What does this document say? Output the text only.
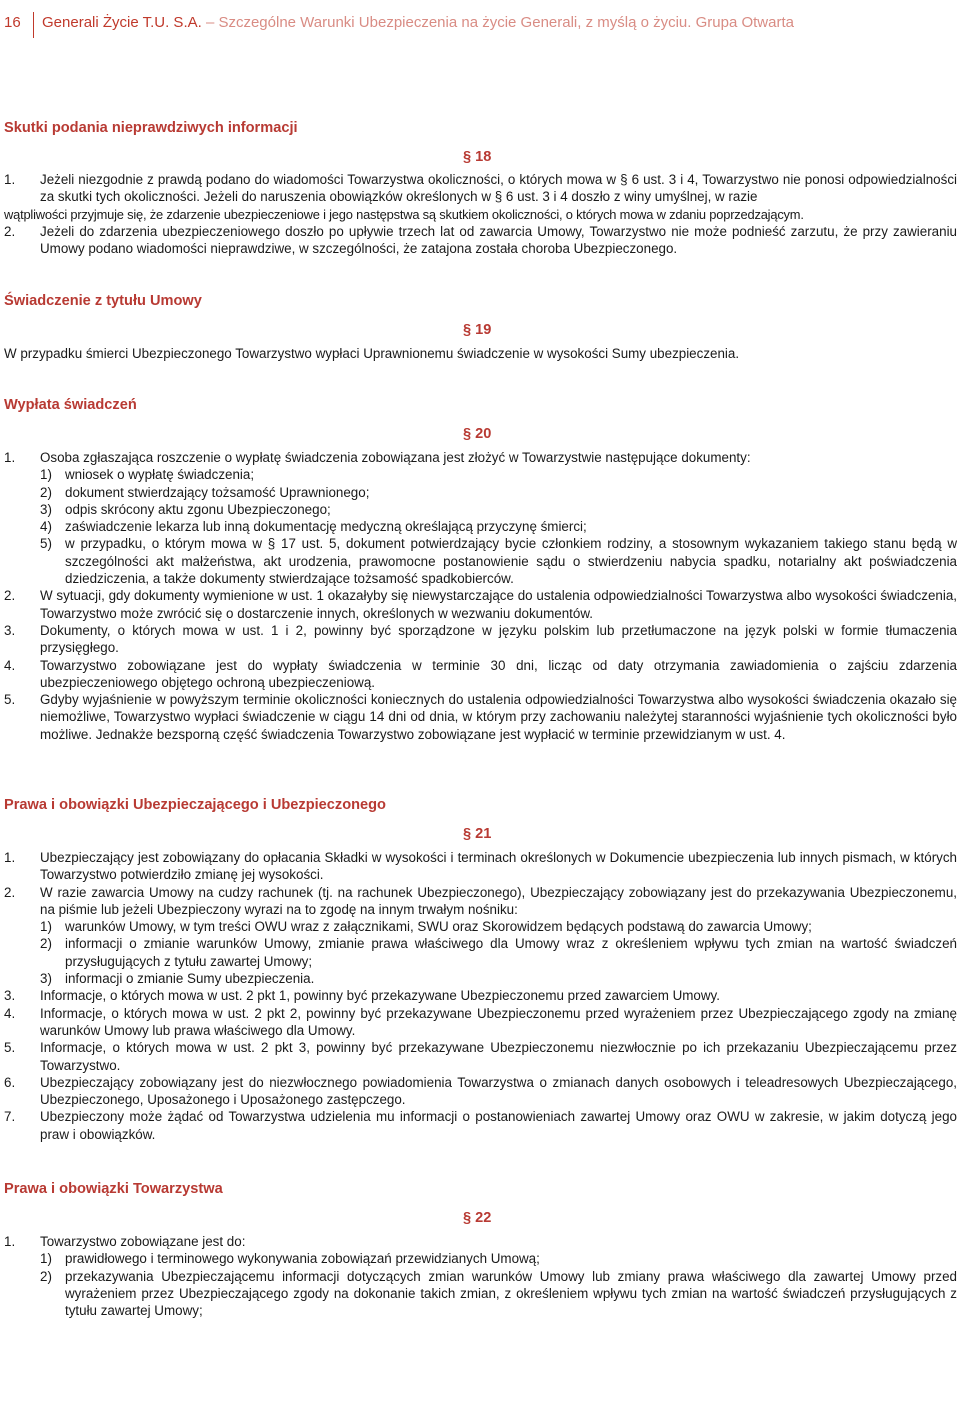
16 Generali Życie T.U. S.A. – Szczególne Warunki Ubezpieczenia na życie Generali, z myślą o życiu. Grupa Otwarta
Skutki podania nieprawdziwych informacji
§ 18
1. Jeżeli niezgodnie z prawdą podano do wiadomości Towarzystwa okoliczności, o których mowa w § 6 ust. 3 i 4, Towarzystwo nie ponosi odpowiedzialności za skutki tych okoliczności. Jeżeli do naruszenia obowiązków określonych w § 6 ust. 3 i 4 doszło z winy umyślnej, w razie
wątpliwości przyjmuje się, że zdarzenie ubezpieczeniowe i jego następstwa są skutkiem okoliczności, o których mowa w zdaniu poprzedzającym.
2. Jeżeli do zdarzenia ubezpieczeniowego doszło po upływie trzech lat od zawarcia Umowy, Towarzystwo nie może podnieść zarzutu, że przy zawieraniu Umowy podano wiadomości nieprawdziwe, w szczególności, że zatajona została choroba Ubezpieczonego.
Świadczenie z tytułu Umowy
§ 19
W przypadku śmierci Ubezpieczonego Towarzystwo wypłaci Uprawnionemu świadczenie w wysokości Sumy ubezpieczenia.
Wypłata świadczeń
§ 20
1. Osoba zgłaszająca roszczenie o wypłatę świadczenia zobowiązana jest złożyć w Towarzystwie następujące dokumenty:
1) wniosek o wypłatę świadczenia;
2) dokument stwierdzający tożsamość Uprawnionego;
3) odpis skrócony aktu zgonu Ubezpieczonego;
4) zaświadczenie lekarza lub inną dokumentację medyczną określającą przyczynę śmierci;
5) w przypadku, o którym mowa w § 17 ust. 5, dokument potwierdzający bycie członkiem rodziny, a stosownym wykazaniem takiego stanu będą w szczególności akt małżeństwa, akt urodzenia, prawomocne postanowienie sądu o stwierdzeniu nabycia spadku, notarialny akt poświadczenia dziedziczenia, a także dokumenty stwierdzające tożsamość spadkobierców.
2. W sytuacji, gdy dokumenty wymienione w ust. 1 okazałyby się niewystarczające do ustalenia odpowiedzialności Towarzystwa albo wysokości świadczenia, Towarzystwo może zwrócić się o dostarczenie innych, określonych w wezwaniu dokumentów.
3. Dokumenty, o których mowa w ust. 1 i 2, powinny być sporządzone w języku polskim lub przetłumaczone na język polski w formie tłumaczenia przysięgłego.
4. Towarzystwo zobowiązane jest do wypłaty świadczenia w terminie 30 dni, licząc od daty otrzymania zawiadomienia o zajściu zdarzenia ubezpieczeniowego objętego ochroną ubezpieczeniową.
5. Gdyby wyjaśnienie w powyższym terminie okoliczności koniecznych do ustalenia odpowiedzialności Towarzystwa albo wysokości świadczenia okazało się niemożliwe, Towarzystwo wypłaci świadczenie w ciągu 14 dni od dnia, w którym przy zachowaniu należytej staranności wyjaśnienie tych okoliczności było możliwe. Jednakże bezsporną część świadczenia Towarzystwo zobowiązane jest wypłacić w terminie przewidzianym w ust. 4.
Prawa i obowiązki Ubezpieczającego i Ubezpieczonego
§ 21
1. Ubezpieczający jest zobowiązany do opłacania Składki w wysokości i terminach określonych w Dokumencie ubezpieczenia lub innych pismach, w których Towarzystwo potwierdziło zmianę jej wysokości.
2. W razie zawarcia Umowy na cudzy rachunek (tj. na rachunek Ubezpieczonego), Ubezpieczający zobowiązany jest do przekazywania Ubezpieczonemu, na piśmie lub jeżeli Ubezpieczony wyrazi na to zgodę na innym trwałym nośniku:
1) warunków Umowy, w tym treści OWU wraz z załącznikami, SWU oraz Skorowidzem będących podstawą do zawarcia Umowy;
2) informacji o zmianie warunków Umowy, zmianie prawa właściwego dla Umowy wraz z określeniem wpływu tych zmian na wartość świadczeń przysługujących z tytułu zawartej Umowy;
3) informacji o zmianie Sumy ubezpieczenia.
3. Informacje, o których mowa w ust. 2 pkt 1, powinny być przekazywane Ubezpieczonemu przed zawarciem Umowy.
4. Informacje, o których mowa w ust. 2 pkt 2, powinny być przekazywane Ubezpieczonemu przed wyrażeniem przez Ubezpieczającego zgody na zmianę warunków Umowy lub prawa właściwego dla Umowy.
5. Informacje, o których mowa w ust. 2 pkt 3, powinny być przekazywane Ubezpieczonemu niezwłocznie po ich przekazaniu Ubezpieczającemu przez Towarzystwo.
6. Ubezpieczający zobowiązany jest do niezwłocznego powiadomienia Towarzystwa o zmianach danych osobowych i teleadresowych Ubezpieczającego, Ubezpieczonego, Uposażonego i Uposażonego zastępczego.
7. Ubezpieczony może żądać od Towarzystwa udzielenia mu informacji o postanowieniach zawartej Umowy oraz OWU w zakresie, w jakim dotyczą jego praw i obowiązków.
Prawa i obowiązki Towarzystwa
§ 22
1. Towarzystwo zobowiązane jest do:
1) prawidłowego i terminowego wykonywania zobowiązań przewidzianych Umową;
2) przekazywania Ubezpieczającemu informacji dotyczących zmian warunków Umowy lub zmiany prawa właściwego dla zawartej Umowy przed wyrażeniem przez Ubezpieczającego zgody na dokonanie takich zmian, z określeniem wpływu tych zmian na wartość świadczeń przysługujących z tytułu zawartej Umowy;
